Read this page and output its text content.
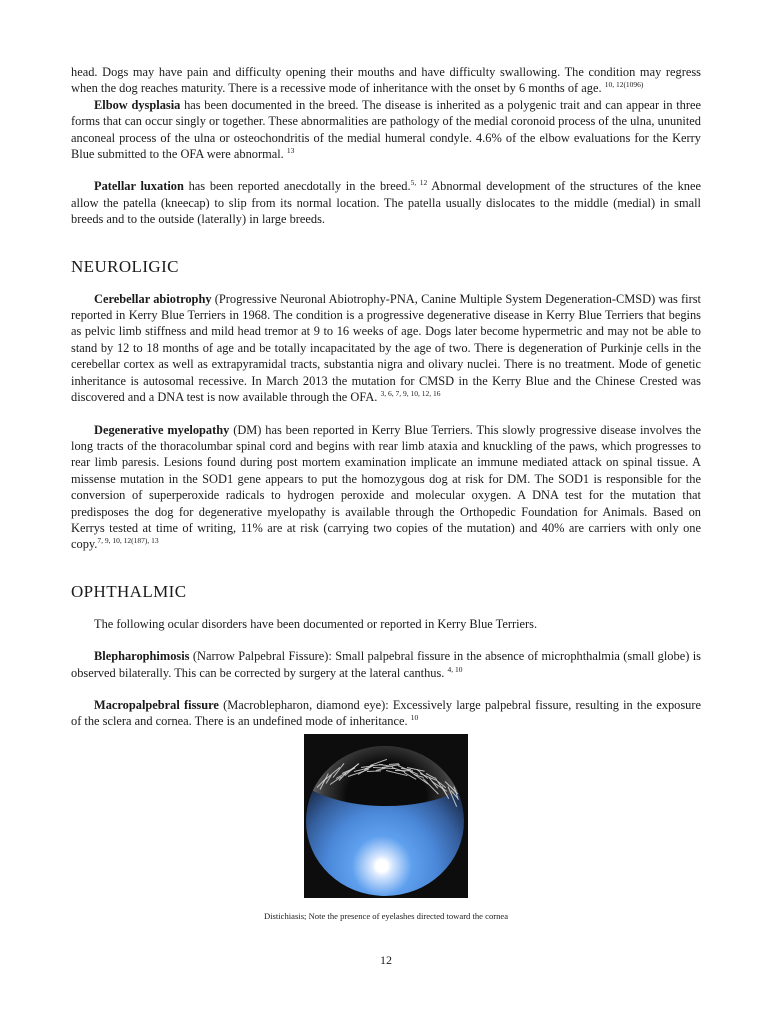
head. Dogs may have pain and difficulty opening their mouths and have difficulty swallowing. The condition may regress when the dog reaches maturity. There is a recessive mode of inheritance with the onset by 6 months of age. $^{10, 12(1096)}$

Elbow dysplasia has been documented in the breed. The disease is inherited as a polygenic trait and can appear in three forms that can occur singly or together. These abnormalities are pathology of the medial coronoid process of the ulna, ununited anconeal process of the ulna or osteochondritis of the medial humeral condyle. 4.6% of the elbow evaluations for the Kerry Blue submitted to the OFA were abnormal. $^{13}$

Patellar luxation has been reported anecdotally in the breed.$^{5, 12}$ Abnormal development of the structures of the knee allow the patella (kneecap) to slip from its normal location. The patella usually dislocates to the middle (medial) in small breeds and to the outside (laterally) in large breeds.

NEUROLIGIC

Cerebellar abiotrophy (Progressive Neuronal Abiotrophy-PNA, Canine Multiple System Degeneration-CMSD) was first reported in Kerry Blue Terriers in 1968. The condition is a progressive degenerative disease in Kerry Blue Terriers that begins as pelvic limb stiffness and mild head tremor at 9 to 16 weeks of age. Dogs later become hypermetric and may not be able to stand by 12 to 18 months of age and be totally incapacitated by the age of two. There is degeneration of Purkinje cells in the cerebellar cortex as well as extrapyramidal tracts, substantia nigra and olivary nuclei. There is no treatment. Mode of genetic inheritance is autosomal recessive. In March 2013 the mutation for CMSD in the Kerry Blue and the Chinese Crested was discovered and a DNA test is now available through the OFA. $^{3, 6, 7, 9, 10, 12, 16}$

Degenerative myelopathy (DM) has been reported in Kerry Blue Terriers. This slowly progressive disease involves the long tracts of the thoracolumbar spinal cord and begins with rear limb ataxia and knuckling of the paws, which progresses to rear limb paresis. Lesions found during post mortem examination implicate an immune mediated attack on spinal tissue. A missense mutation in the SOD1 gene appears to put the homozygous dog at risk for DM. The SOD1 is responsible for the conversion of superperoxide radicals to hydrogen peroxide and molecular oxygen. A DNA test for the mutation that predisposes the dog for degenerative myelopathy is available through the Orthopedic Foundation for Animals. Based on Kerrys tested at time of writing, 11% are at risk (carrying two copies of the mutation) and 40% are carriers with only one copy.$^{7, 9, 10, 12(187), 13}$

OPHTHALMIC

The following ocular disorders have been documented or reported in Kerry Blue Terriers.

Blepharophimosis (Narrow Palpebral Fissure): Small palpebral fissure in the absence of microphthalmia (small globe) is observed bilaterally. This can be corrected by surgery at the lateral canthus. $^{4, 10}$

Macropalpebral fissure (Macroblepharon, diamond eye): Excessively large palpebral fissure, resulting in the exposure of the sclera and cornea. There is an undefined mode of inheritance. $^{10}$

Distichiasis; Note the presence of eyelashes directed toward the cornea
12
